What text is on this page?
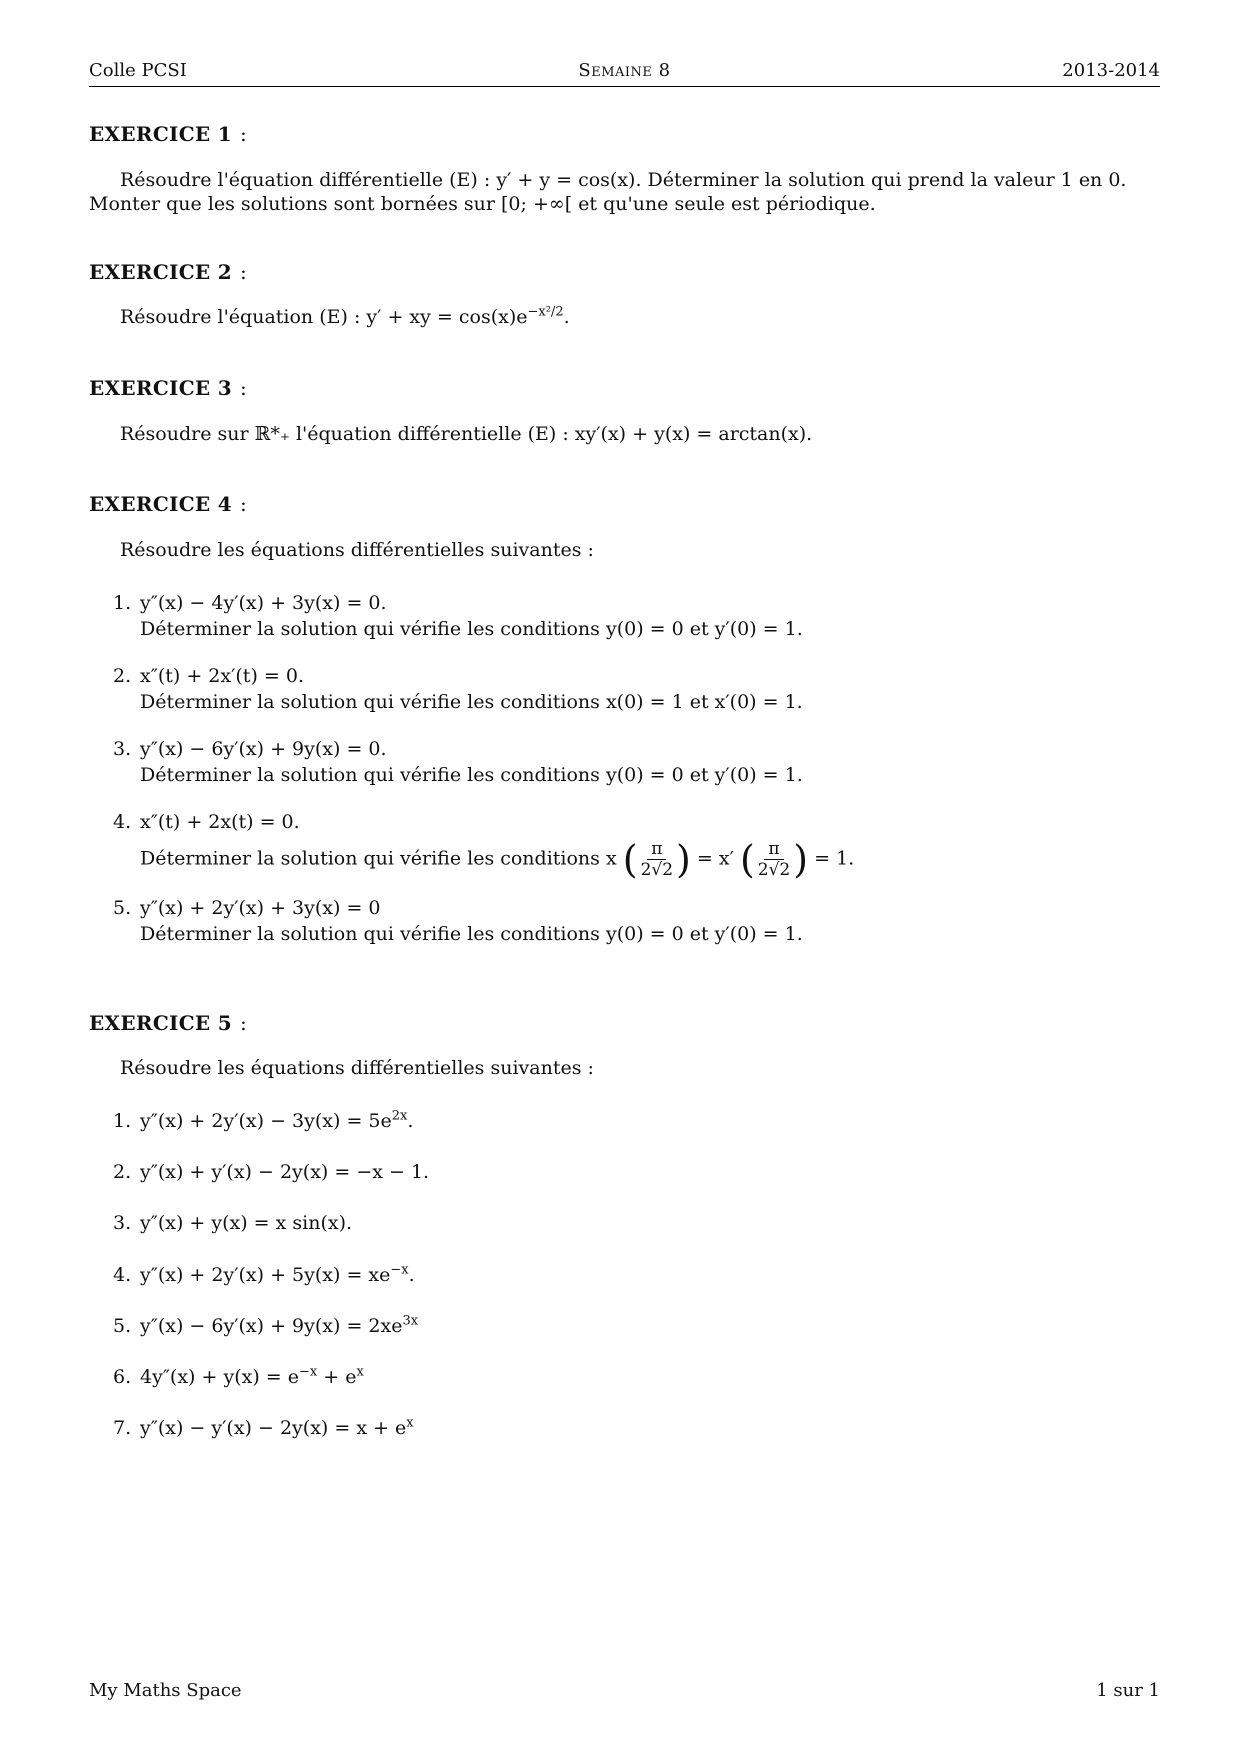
Colle PCSI	Semaine 8	2013-2014
EXERCICE 1 :
Résoudre l'équation différentielle (E) : y′ + y = cos(x). Déterminer la solution qui prend la valeur 1 en 0.
Monter que les solutions sont bornées sur [0; +∞[ et qu'une seule est périodique.
EXERCICE 2 :
Résoudre l'équation (E) : y′ + xy = $\cos(x)e^{-x^2/2}$.
EXERCICE 3 :
Résoudre sur ℝ*₊ l'équation différentielle (E) : xy′(x) + y(x) = arctan(x).
EXERCICE 4 :
Résoudre les équations différentielles suivantes :
1. y″(x) − 4y′(x) + 3y(x) = 0.
Déterminer la solution qui vérifie les conditions y(0) = 0 et y′(0) = 1.
2. x″(t) + 2x′(t) = 0.
Déterminer la solution qui vérifie les conditions x(0) = 1 et x′(0) = 1.
3. y″(x) − 6y′(x) + 9y(x) = 0.
Déterminer la solution qui vérifie les conditions y(0) = 0 et y′(0) = 1.
4. x″(t) + 2x(t) = 0.
Déterminer la solution qui vérifie les conditions x ( $\frac{\pi}{2√2}$ ) = x′ ( $\frac{\pi}{2√2}$ ) = 1.
5. y″(x) + 2y′(x) + 3y(x) = 0
Déterminer la solution qui vérifie les conditions y(0) = 0 et y′(0) = 1.
EXERCICE 5 :
Résoudre les équations différentielles suivantes :
1. $y''(x) + 2y'(x) - 3y(x) = 5e^{2x}$.
2. y″(x) + y′(x) − 2y(x) = −x − 1.
3. y″(x) + y(x) = x sin(x).
4. $y''(x) + 2y'(x) + 5y(x) = xe^{-x}$.
5. $y''(x) - 6y'(x) + 9y(x) = 2xe^{3x}$
6. $4y''(x) + y(x) = e^{-x} + e^x$
7. $y''(x) - y'(x) - 2y(x) = x + e^x$
My Maths Space	1 sur 1
